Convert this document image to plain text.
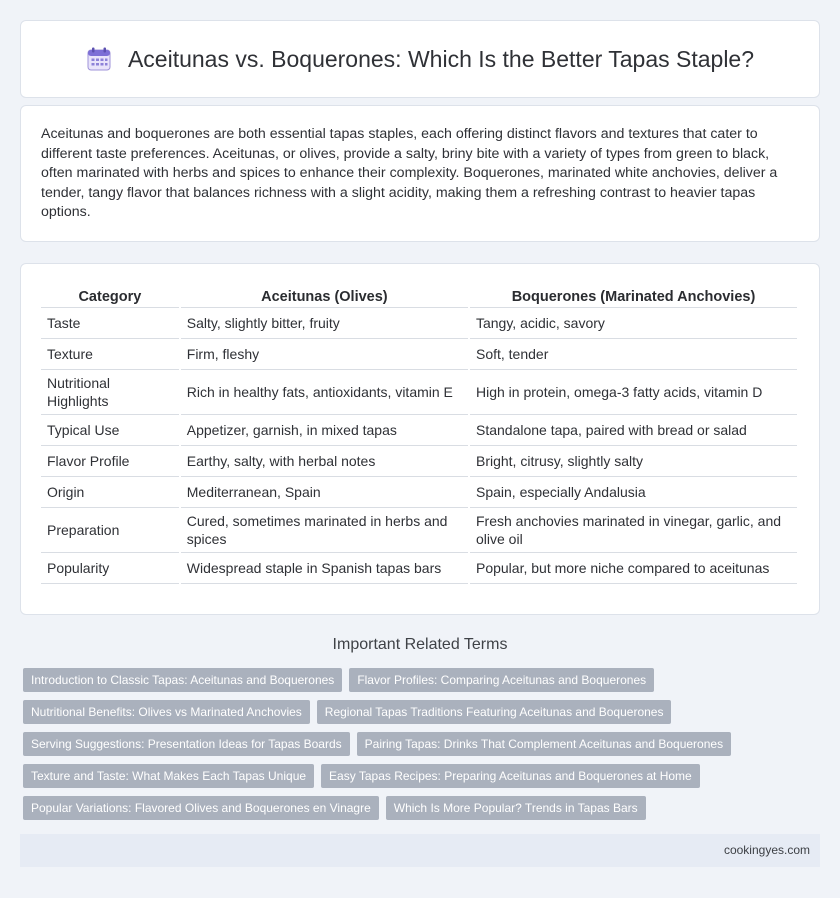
Aceitunas vs. Boquerones: Which Is the Better Tapas Staple?

Aceitunas and boquerones are both essential tapas staples, each offering distinct flavors and textures that cater to different taste preferences. Aceitunas, or olives, provide a salty, briny bite with a variety of types from green to black, often marinated with herbs and spices to enhance their complexity. Boquerones, marinated white anchovies, deliver a tender, tangy flavor that balances richness with a slight acidity, making them a refreshing contrast to heavier tapas options.

Category	Aceitunas (Olives)	Boquerones (Marinated Anchovies)
Taste	Salty, slightly bitter, fruity	Tangy, acidic, savory
Texture	Firm, fleshy	Soft, tender
Nutritional Highlights	Rich in healthy fats, antioxidants, vitamin E	High in protein, omega-3 fatty acids, vitamin D
Typical Use	Appetizer, garnish, in mixed tapas	Standalone tapa, paired with bread or salad
Flavor Profile	Earthy, salty, with herbal notes	Bright, citrusy, slightly salty
Origin	Mediterranean, Spain	Spain, especially Andalusia
Preparation	Cured, sometimes marinated in herbs and spices	Fresh anchovies marinated in vinegar, garlic, and olive oil
Popularity	Widespread staple in Spanish tapas bars	Popular, but more niche compared to aceitunas
Important Related Terms
Introduction to Classic Tapas: Aceitunas and Boquerones	Flavor Profiles: Comparing Aceitunas and Boquerones
Nutritional Benefits: Olives vs Marinated Anchovies	Regional Tapas Traditions Featuring Aceitunas and Boquerones
Serving Suggestions: Presentation Ideas for Tapas Boards	Pairing Tapas: Drinks That Complement Aceitunas and Boquerones
Texture and Taste: What Makes Each Tapas Unique	Easy Tapas Recipes: Preparing Aceitunas and Boquerones at Home
Popular Variations: Flavored Olives and Boquerones en Vinagre	Which Is More Popular? Trends in Tapas Bars
cookingyes.com
